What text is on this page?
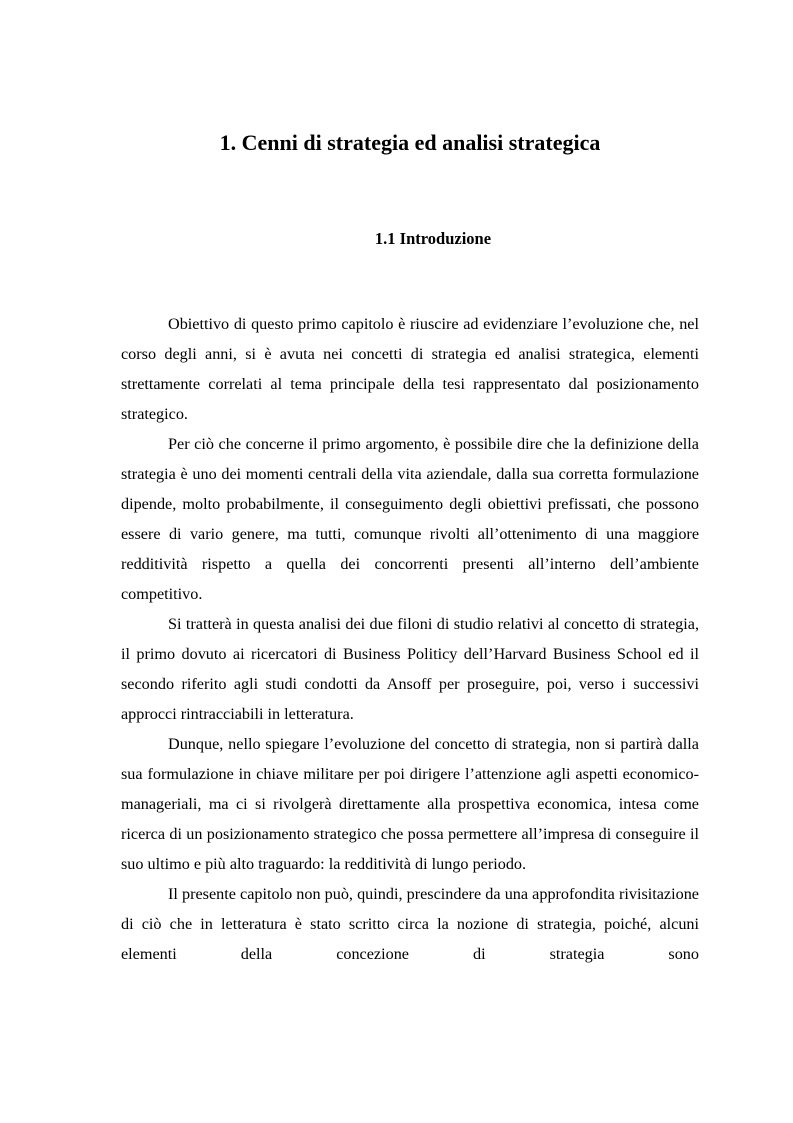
1. Cenni di strategia ed analisi strategica
1.1 Introduzione

Obiettivo di questo primo capitolo è riuscire ad evidenziare l’evoluzione che, nel corso degli anni, si è avuta nei concetti di strategia ed analisi strategica, elementi strettamente correlati al tema principale della tesi rappresentato dal posizionamento strategico.

Per ciò che concerne il primo argomento, è possibile dire che la definizione della strategia è uno dei momenti centrali della vita aziendale, dalla sua corretta formulazione dipende, molto probabilmente, il conseguimento degli obiettivi prefissati, che possono essere di vario genere, ma tutti, comunque rivolti all’ottenimento di una maggiore redditività rispetto a quella dei concorrenti presenti all’interno dell’ambiente competitivo.

Si tratterà in questa analisi dei due filoni di studio relativi al concetto di strategia, il primo dovuto ai ricercatori di Business Politicy dell’Harvard Business School ed il secondo riferito agli studi condotti da Ansoff per proseguire, poi, verso i successivi approcci rintracciabili in letteratura.

Dunque, nello spiegare l’evoluzione del concetto di strategia, non si partirà dalla sua formulazione in chiave militare per poi dirigere l’attenzione agli aspetti economico-manageriali, ma ci si rivolgerà direttamente alla prospettiva economica, intesa come ricerca di un posizionamento strategico che possa permettere all’impresa di conseguire il suo ultimo e più alto traguardo: la redditività di lungo periodo.

Il presente capitolo non può, quindi, prescindere da una approfondita rivisitazione di ciò che in letteratura è stato scritto circa la nozione di strategia, poiché, alcuni elementi della concezione di strategia sono
